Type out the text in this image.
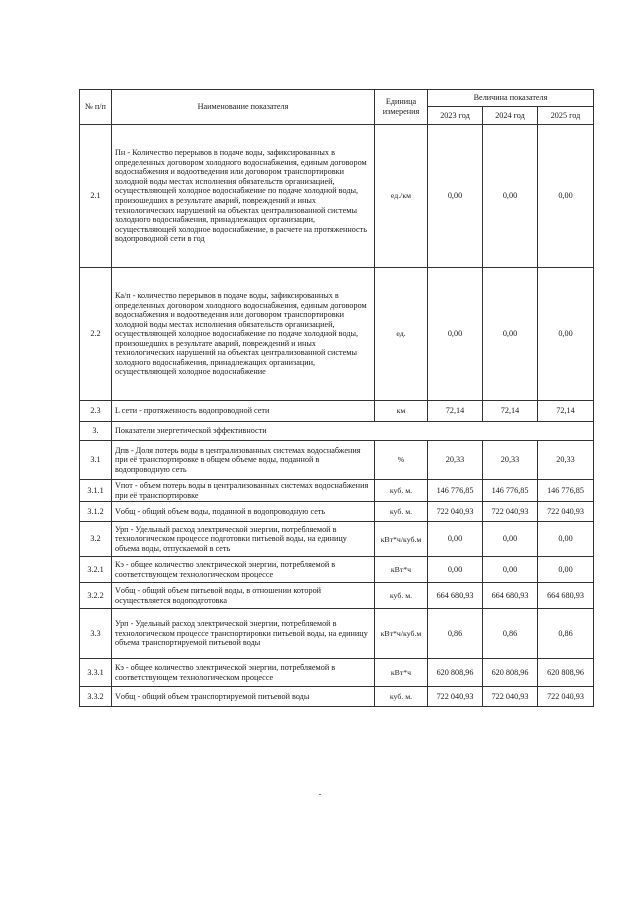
№ п/п	Наименование показателя	Единица измерения	Величина показателя		
			2023 год	2024 год	2025 год
2.1	Пн - Количество перерывов в подаче воды, зафиксированных в определенных договором холодного водоснабжения, единым договором водоснабжения и водоотведения или договором транспортировки холодной воды местах исполнения обязательств организацией, осуществляющей холодное водоснабжение по подаче холодной воды, произошедших в результате аварий, повреждений и иных технологических нарушений на объектах централизованной системы холодного водоснабжения, принадлежащих организации, осуществляющей холодное водоснабжение, в расчете на протяженность водопроводной сети в год	ед./км	0,00	0,00	0,00
2.2	Ка/п - количество перерывов в подаче воды, зафиксированных в определенных договором холодного водоснабжения, единым договором водоснабжения и водоотведения или договором транспортировки холодной воды местах исполнения обязательств организацией, осуществляющей холодное водоснабжение по подаче холодной воды, произошедших в результате аварий, повреждений и иных технологических нарушений на объектах централизованной системы холодного водоснабжения, принадлежащих организации, осуществляющей холодное водоснабжение	ед.	0,00	0,00	0,00
2.3	L сети - протяженность водопроводной сети	км	72,14	72,14	72,14
3.	Показатели энергетической эффективности				
3.1	Дпв - Доля потерь воды в централизованных системах водоснабжения при её транспортировке в общем объеме воды, поданной в водопроводную сеть	%	20,33	20,33	20,33
3.1.1	Vпот - объем потерь воды в централизованных системах водоснабжения при её транспортировке	куб. м.	146 776,85	146 776,85	146 776,85
3.1.2	Vобщ - общий объем воды, поданной в водопроводную сеть	куб. м.	722 040,93	722 040,93	722 040,93
3.2	Урп - Удельный расход электрической энергии, потребляемой в технологическом процессе подготовки питьевой воды, на единицу объема воды, отпускаемой в сеть	кВт*ч/куб.м	0,00	0,00	0,00
3.2.1	Кэ - общее количество электрической энергии, потребляемой в соответствующем технологическом процессе	кВт*ч	0,00	0,00	0,00
3.2.2	Vобщ - общий объем питьевой воды, в отношении которой осуществляется водоподготовка	куб. м.	664 680,93	664 680,93	664 680,93
3.3	Урп - Удельный расход электрической энергии, потребляемой в технологическом процессе транспортировки питьевой воды, на единицу объема транспортируемой питьевой воды	кВт*ч/куб.м	0,86	0,86	0,86
3.3.1	Кэ - общее количество электрической энергии, потребляемой в соответствующем технологическом процессе	кВт*ч	620 808,96	620 808,96	620 808,96
3.3.2	Vобщ - общий объем транспортируемой питьевой воды	куб. м.	722 040,93	722 040,93	722 040,93
